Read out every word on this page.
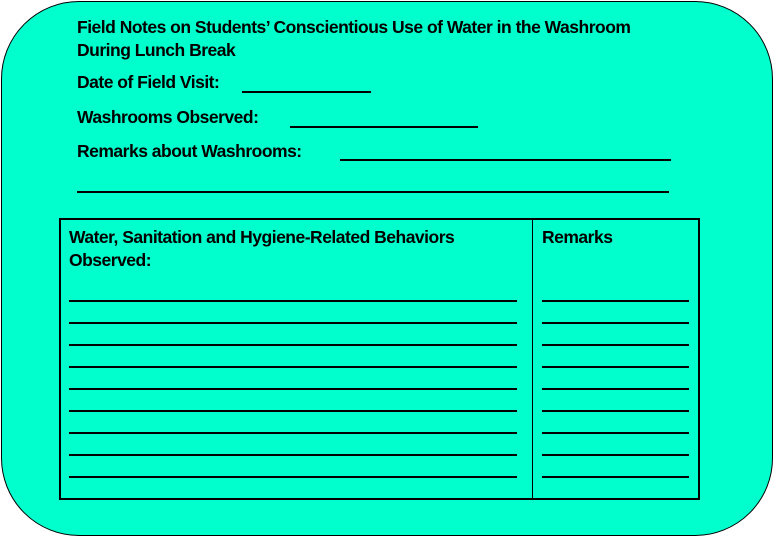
Field Notes on Students’ Conscientious Use of Water in the Washroom
During Lunch Break
Date of Field Visit:
Washrooms Observed:
Remarks about Washrooms:
Water, Sanitation and Hygiene-Related Behaviors
Observed:
Remarks
